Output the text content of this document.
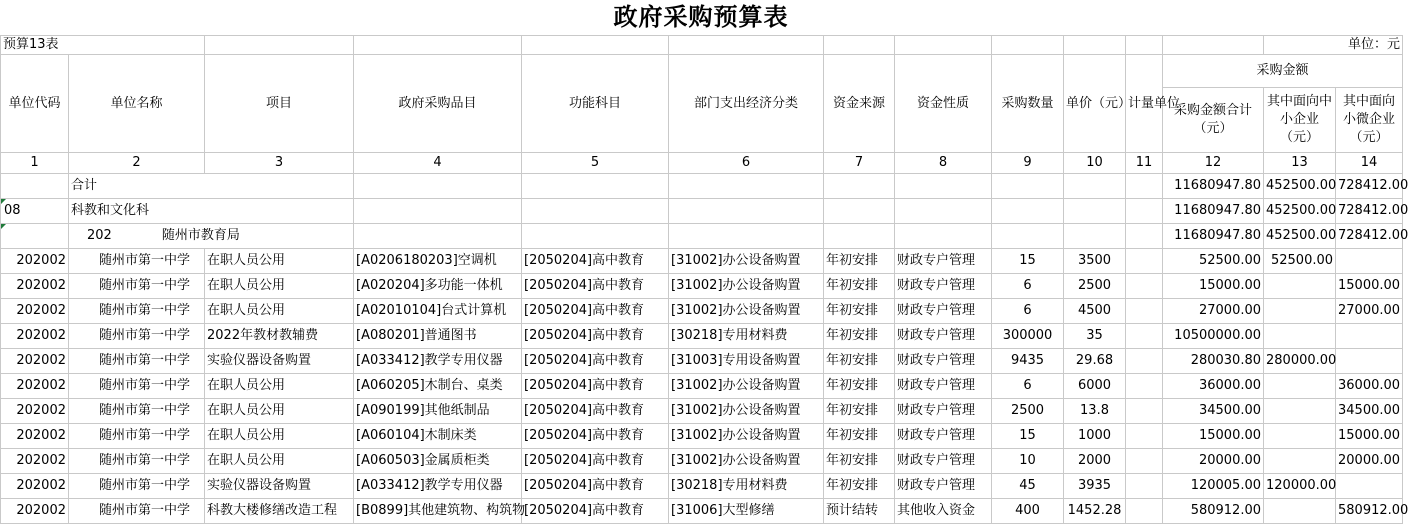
政府采购预算表
预算13表												单位：元	
单位代码	单位名称	项目	政府采购品目	功能科目	部门支出经济分类	资金来源	资金性质	采购数量	单价（元）	计量单位	采购金额		
											采购金额合计（元）	其中面向中小企业（元）	其中面向小微企业（元）
1	2	3	4	5	6	7	8	9	10	11	12	13	14
	合计										11680947.80	452500.00	728412.00
08	科教和文化科										11680947.80	452500.00	728412.00
	202 随州市教育局										11680947.80	452500.00	728412.00
202002	随州市第一中学	在职人员公用	[A0206180203]空调机	[2050204]高中教育	[31002]办公设备购置	年初安排	财政专户管理	15	3500		52500.00	52500.00	
202002	随州市第一中学	在职人员公用	[A020204]多功能一体机	[2050204]高中教育	[31002]办公设备购置	年初安排	财政专户管理	6	2500		15000.00		15000.00
202002	随州市第一中学	在职人员公用	[A02010104]台式计算机	[2050204]高中教育	[31002]办公设备购置	年初安排	财政专户管理	6	4500		27000.00		27000.00
202002	随州市第一中学	2022年教材教辅费	[A080201]普通图书	[2050204]高中教育	[30218]专用材料费	年初安排	财政专户管理	300000	35		10500000.00		
202002	随州市第一中学	实验仪器设备购置	[A033412]教学专用仪器	[2050204]高中教育	[31003]专用设备购置	年初安排	财政专户管理	9435	29.68		280030.80	280000.00	
202002	随州市第一中学	在职人员公用	[A060205]木制台、桌类	[2050204]高中教育	[31002]办公设备购置	年初安排	财政专户管理	6	6000		36000.00		36000.00
202002	随州市第一中学	在职人员公用	[A090199]其他纸制品	[2050204]高中教育	[31002]办公设备购置	年初安排	财政专户管理	2500	13.8		34500.00		34500.00
202002	随州市第一中学	在职人员公用	[A060104]木制床类	[2050204]高中教育	[31002]办公设备购置	年初安排	财政专户管理	15	1000		15000.00		15000.00
202002	随州市第一中学	在职人员公用	[A060503]金属质柜类	[2050204]高中教育	[31002]办公设备购置	年初安排	财政专户管理	10	2000		20000.00		20000.00
202002	随州市第一中学	实验仪器设备购置	[A033412]教学专用仪器	[2050204]高中教育	[30218]专用材料费	年初安排	财政专户管理	45	3935		120005.00	120000.00	
202002	随州市第一中学	科教大楼修缮改造工程	[B0899]其他建筑物、构筑物	[2050204]高中教育	[31006]大型修缮	预计结转	其他收入资金	400	1452.28		580912.00		580912.00
